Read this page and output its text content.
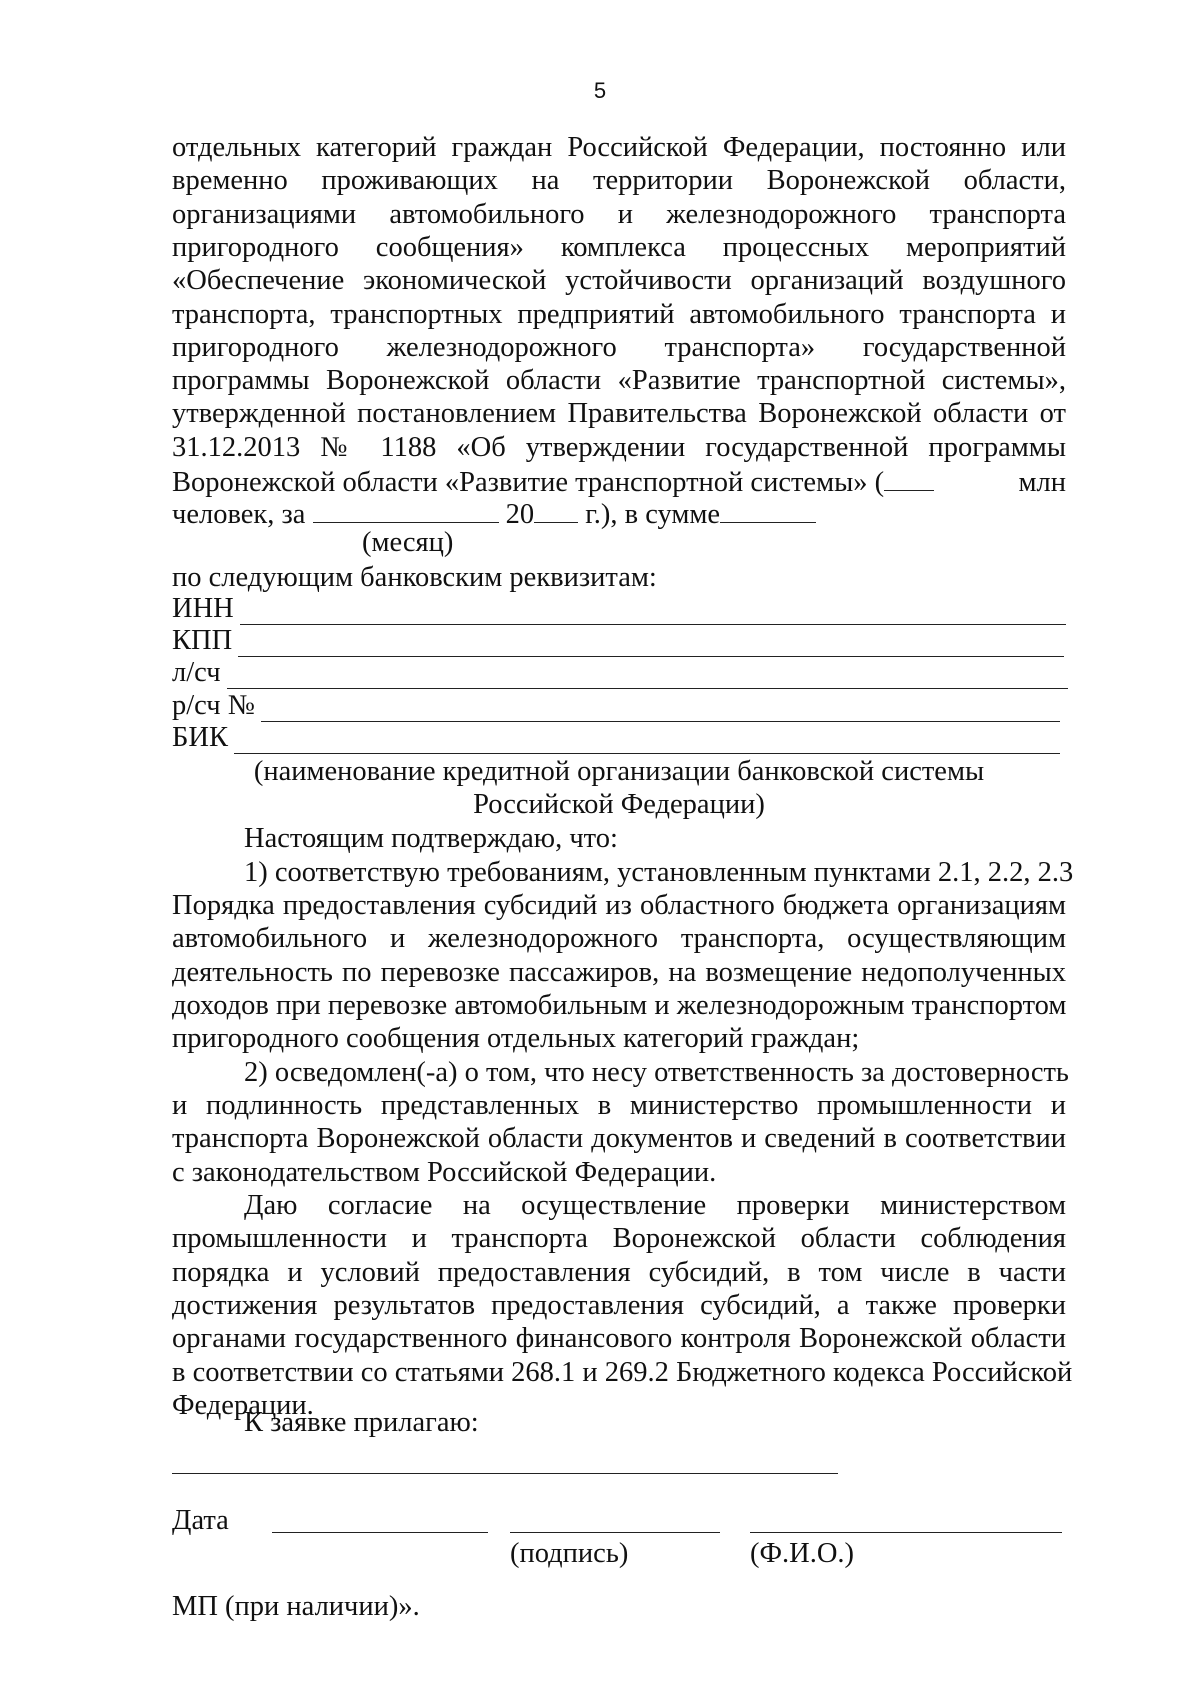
5
отдельных категорий граждан Российской Федерации, постоянно или
временно проживающих на территории Воронежской области,
организациями автомобильного и железнодорожного транспорта
пригородного сообщения» комплекса процессных мероприятий
«Обеспечение экономической устойчивости организаций воздушного
транспорта, транспортных предприятий автомобильного транспорта и
пригородного железнодорожного транспорта» государственной
программы Воронежской области «Развитие транспортной системы»,
утвержденной постановлением Правительства Воронежской области от
31.12.2013 № 1188 «Об утверждении государственной программы
Воронежской области «Развитие транспортной системы» (	млн
человек, за	20 г.), в сумме
(месяц)
по следующим банковским реквизитам:
ИНН
КПП
л/сч
р/сч №
БИК
(наименование кредитной организации банковской системы
Российской Федерации)
Настоящим подтверждаю, что:
1) соответствую требованиям, установленным пунктами 2.1, 2.2, 2.3
Порядка предоставления субсидий из областного бюджета организациям
автомобильного и железнодорожного транспорта, осуществляющим
деятельность по перевозке пассажиров, на возмещение недополученных
доходов при перевозке автомобильным и железнодорожным транспортом
пригородного сообщения отдельных категорий граждан;
2) осведомлен(-а) о том, что несу ответственность за достоверность
и подлинность представленных в министерство промышленности и
транспорта Воронежской области документов и сведений в соответствии
с законодательством Российской Федерации.
Даю согласие на осуществление проверки министерством
промышленности и транспорта Воронежской области соблюдения
порядка и условий предоставления субсидий, в том числе в части
достижения результатов предоставления субсидий, а также проверки
органами государственного финансового контроля Воронежской области
в соответствии со статьями 268.1 и 269.2 Бюджетного кодекса Российской
Федерации.
К заявке прилагаю:
Дата
(подпись)	(Ф.И.О.)
МП (при наличии)».
